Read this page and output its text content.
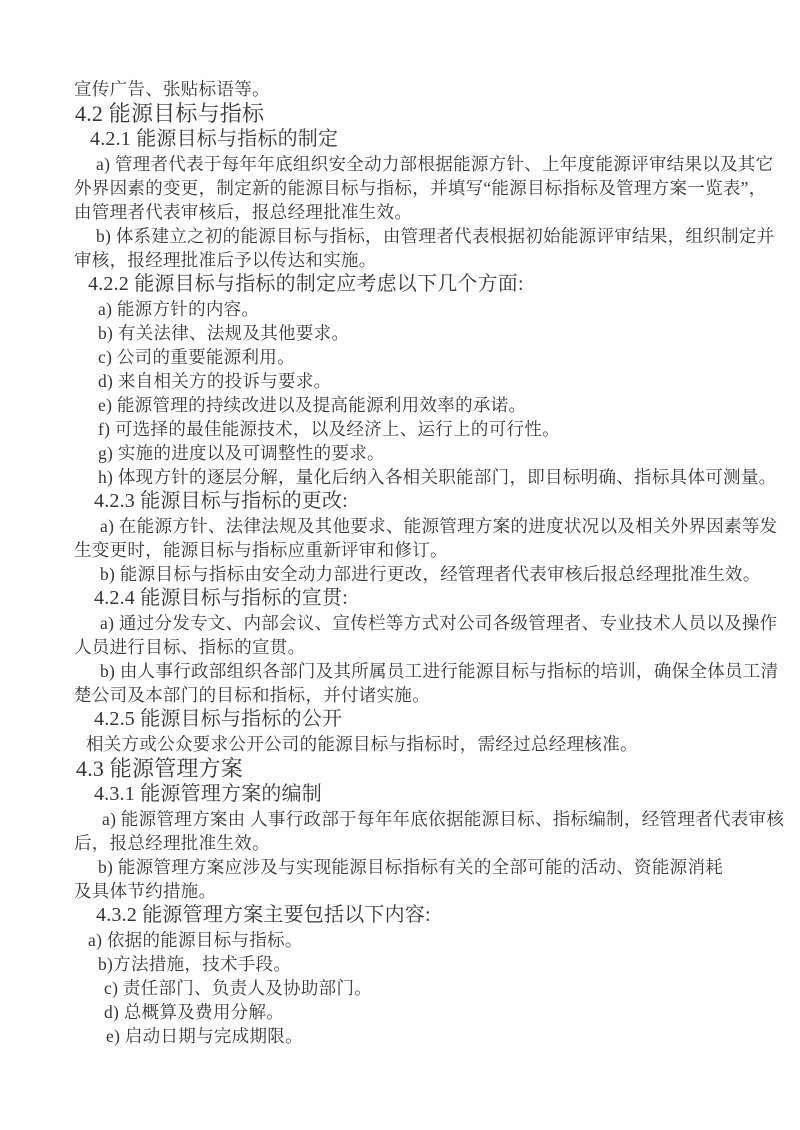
宣传广告、张贴标语等。
4.2 能源目标与指标
4.2.1 能源目标与指标的制定
a) 管理者代表于每年年底组织安全动力部根据能源方针、上年度能源评审结果以及其它
外界因素的变更，制定新的能源目标与指标，并填写“能源目标指标及管理方案一览表”，
由管理者代表审核后，报总经理批准生效。
b) 体系建立之初的能源目标与指标，由管理者代表根据初始能源评审结果，组织制定并
审核，报经理批准后予以传达和实施。
4.2.2 能源目标与指标的制定应考虑以下几个方面:
a) 能源方针的内容。
b) 有关法律、法规及其他要求。
c) 公司的重要能源利用。
d) 来自相关方的投诉与要求。
e) 能源管理的持续改进以及提高能源利用效率的承诺。
f) 可选择的最佳能源技术，以及经济上、运行上的可行性。
g) 实施的进度以及可调整性的要求。
h) 体现方针的逐层分解，量化后纳入各相关职能部门，即目标明确、指标具体可测量。
4.2.3 能源目标与指标的更改:
a) 在能源方针、法律法规及其他要求、能源管理方案的进度状况以及相关外界因素等发
生变更时，能源目标与指标应重新评审和修订。
b) 能源目标与指标由安全动力部进行更改，经管理者代表审核后报总经理批准生效。
4.2.4 能源目标与指标的宣贯:
a) 通过分发专文、内部会议、宣传栏等方式对公司各级管理者、专业技术人员以及操作
人员进行目标、指标的宣贯。
b) 由人事行政部组织各部门及其所属员工进行能源目标与指标的培训，确保全体员工清
楚公司及本部门的目标和指标，并付诸实施。
4.2.5 能源目标与指标的公开
相关方或公众要求公开公司的能源目标与指标时，需经过总经理核准。
4.3 能源管理方案
4.3.1 能源管理方案的编制
a) 能源管理方案由 人事行政部于每年年底依据能源目标、指标编制，经管理者代表审核
后，报总经理批准生效。
b) 能源管理方案应涉及与实现能源目标指标有关的全部可能的活动、资能源消耗
及具体节约措施。
4.3.2 能源管理方案主要包括以下内容:
a) 依据的能源目标与指标。
b)方法措施，技术手段。
c) 责任部门、负责人及协助部门。
d) 总概算及费用分解。
e) 启动日期与完成期限。
